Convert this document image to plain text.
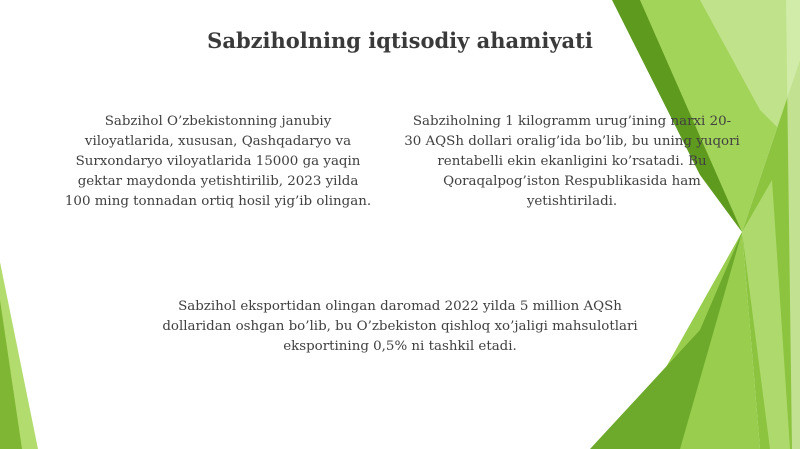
Sabziholning iqtisodiy ahamiyati
Sabzihol O’zbekistonning janubiy
viloyatlarida, xususan, Qashqadaryo va
Surxondaryo viloyatlarida 15000 ga yaqin
gektar maydonda yetishtirilib, 2023 yilda
100 ming tonnadan ortiq hosil yig’ib olingan.
Sabziholning 1 kilogramm urug’ining narxi 20-
30 AQSh dollari oralig’ida bo’lib, bu uning yuqori
rentabelli ekin ekanligini ko’rsatadi. Bu
Qoraqalpog’iston Respublikasida ham
yetishtiriladi.
Sabzihol eksportidan olingan daromad 2022 yilda 5 million AQSh
dollaridan oshgan bo’lib, bu O’zbekiston qishloq xo’jaligi mahsulotlari
eksportining 0,5% ni tashkil etadi.
